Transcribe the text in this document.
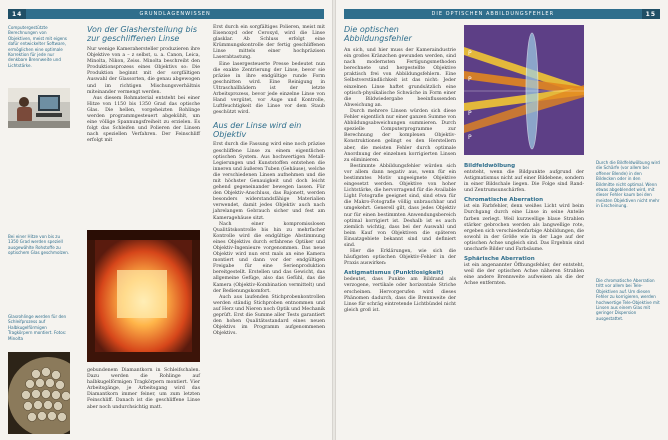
14	GRUNDLAGENWISSEN
Computergestützte Berechnungen von Objektiven, meist mit eigens dafür entwickelter Software, ermöglichen eine optimale Korrektion für jede nur denkbare Brennweite und Lichtstärke.
Bei einer Hitze von bis zu 1350 Grad werden speziell ausgewählte Rohstoffe zu optischem Glas geschmolzen.
Glasrohlinge werden für den Schleifprozess auf Halbkugelförmigen Tragkörpern montiert. Fotos: Minolta
Von der Glasherstellung bis zur geschliffenen Linse

Nur wenige Kamerahersteller produzieren ihre Objektive von a – z selbst, u. a. Canon, Leica, Minolta, Nikon, Zeiss. Minolta beschreibt den Produktionsprozess eines Objektivs so: Die Produktion beginnt mit der sorgfältigen Auswahl der Glassorten, die genau abgewogen und im richtigen Mischungsverhältnis miteinander vermengt werden.

Aus diesem Rohmaterial entsteht bei einer Hitze von 1150 bis 1350 Grad das optische Glas. Die hellen, vorgeheizten Rohlinge werden programmgesteuert abgekühlt, um eine völlige Spannungsfreiheit zu erzielen. Es folgt das Schleifen und Polieren der Linsen nach speziellen Verfahren. Der Feinschliff erfolgt mit

gebundenem Diamantkorn in Schleifschalen. Dazu werden die Rohlinge auf halbkugelförmigen Tragkörpern montiert. Vier Arbeitsgänge, je Arbeitsgang wird das Diamantkorn immer feiner, um zum letzten Feinschliff. Danach ist die geschliffene Linse aber noch undurchsichtig matt.

Erst durch ein sorgfältiges Polieren, meist mit Eisenoxyd oder Ceroxyd, wird die Linse glasklar. Ab Schluss erfolgt eine Krümmungskontrolle der fertig geschliffenen Linse mittels einer hochpräzisen Laserabtastung.

Eine lasergesteuerte Presse bedeutet nun die exakte Zentrierung der Linse, bevor sie präzise in ihre endgültige runde Form geschnitten wird. Eine Reinigung in Ultraschallbädern ist der letzte Arbeitsprozess, bevor jede einzelne Linse von Hand vergütet, vor Auge und Kontrolle, Luftfeuchtigkeit die Linse vor dem Staub geschützt wird.

Aus der Linse wird ein Objektiv

Erst durch die Fassung wird eine noch präzise geschliffene Linse zu einem eigentlichen optischen System. Aus hochwertigen Metall-Legierungen und Kunststoffen entstehen die inneren und äußeren Tuben (Gehäuse), welche die verschiedenen Linsen aufnehmen und die mit höchster Genauigkeit und doch leicht gehend gegeneinander bewegen lassen. Für den Objektiv-Anschluss, das Bajonett, werden besonders widerstandsfähige Materialien verwendet, damit jedes Objektiv auch nach jahrelangem Gebrauch sicher und fest am Kameragehäuse sitzt.

Nach einer kompromisslosen Qualitätskontrolle bis hin zu mehrfacher Kontrolle wird die endgültige Abstimmung eines Objektivs durch erfahrene Optiker und Objektiv-Ingenieure vorgenommen. Das neue Objektiv wird nun erst mals an eine Kamera montiert und dann vor der endgültigen Freigabe für eine Serienproduktion bereitgestellt. Erstellen und das Gewicht, das allgemeine Gefüge, also das Gefühl, das die Kamera (Objektiv-Kombination vermittelt) und der Bedienungskomfort.

Auch aus laufenden Stichprobenkontrollen werden ständig Stichproben entnommen und auf Herz und Nieren noch Optik und Mechanik geprüft. Erst die Summe aller Tests garantiert den hohen Qualitätsstandard eines neuen Objektivs im Programm aufgenommenen Objektivs.

DIE OPTISCHEN ABBILDUNGSFEHLER	15
Die optischen Abbildungsfehler

An sich, und hier muss der Kameraindustrie ein großes Kränzchen gewunden werden, sind nach modernsten Fertigungsmethoden berechnete und hergestellte Objektive praktisch frei von Abbildungsfehlern. Eine Selbstverständlichkeit ist das nicht: Jeder einzelnen Linse haftet grundsätzlich eine optisch-physikalische Schwäche in Form einer die Bildwiedergabe beeinflussenden Abweichung an.

Durch mehrere Linsen würden sich diese Fehler eigentlich nur einer ganzen Summe von Abbildungsabweichungen summieren. Durch spezielle Computerprogramme zur Berechnung der komplexen Objektiv-Konstruktionen gelingt es den Herstellern aber, die meisten Fehler durch optimale Anordnung der einzelnen korrigierten Linsen zu eliminieren.

Bestimmte Abbildungsfehler würden sich vor allem dann negativ aus, wenn für ein bestimmtes Motiv ungeeignete Objektive eingesetzt werden. Objektive von hoher Lichtstärke, die hervorragend für die Available Light Fotografie geeignet sind, sind etwa für die Makro-Fotografie völlig unbrauchbar und umgekehrt. Generell gilt, dass jedes Objektiv nur für einen bestimmten Anwendungsbereich optimal korrigiert ist. Deshalb ist es auch ziemlich wichtig, dass bei der Auswahl und beim Kauf von Objektiven die späteren Einsatzgebiete bekannt sind und definiert sind.

Hier die Erklärungen, wie sich die häufigsten optischen Objektiv-Fehler in der Praxis auswirken:

Astigmatismus (Punktlosigkeit)

bedeutet, dass Punkte am Bildrand als verzogene, vertikale oder horizontale Striche erscheinen. Hervorgerufen wird dieses Phänomen dadurch, dass die Brennweite der Linse für schräg eintretende Lichtbündel nicht gleich groß ist.

P
P
P
P
Bildfeldwölbung

entsteht, wenn die Bildpunkte aufgrund der Astigmatismus nicht auf einer Bildebene, sondern in einer Bildschale liegen. Die Folge sind Rand- und Zentrumsunschärfen.

Chromatische Aberration

ist ein Farbfehler, denn weißes Licht wird beim Durchgang durch eine Linse in seine Anteile farben zerlegt. Weil kurzwellige blaue Strahlen stärker gebrochen werden als langwellige rote, ergeben sich verschiedenfarbige Abbildungen, die sowohl in der Größe wie in der Lage auf der optischen Achse ungleich sind. Das Ergebnis sind unscharfe Bilder und Farbsäume.

Sphärische Aberration

ist ein angenannter Öffnungsfehler, der entsteht, weil die der optischen Achse näheren Strahlen eine andere Brennweite aufweisen als die der Achse entfernten.

Durch die Bildfeldwölbung wird die Schärfe (vor allem bei offener Blende) in den Bildecken oder in den Bildmitte nicht optimal. Wenn etwas abgeblendet wird, mit dieser Fehler kaum bei den meisten Objektiven nicht mehr in Erscheinung.
Die chromatische Aberration tritt vor allem bei Tele-Objektiven auf. Um diesen Fehler zu korrigieren, werden hochwertige Tele-Objektive mit Linsen aus einem Glas mit geringer Dispersion ausgestattet.
